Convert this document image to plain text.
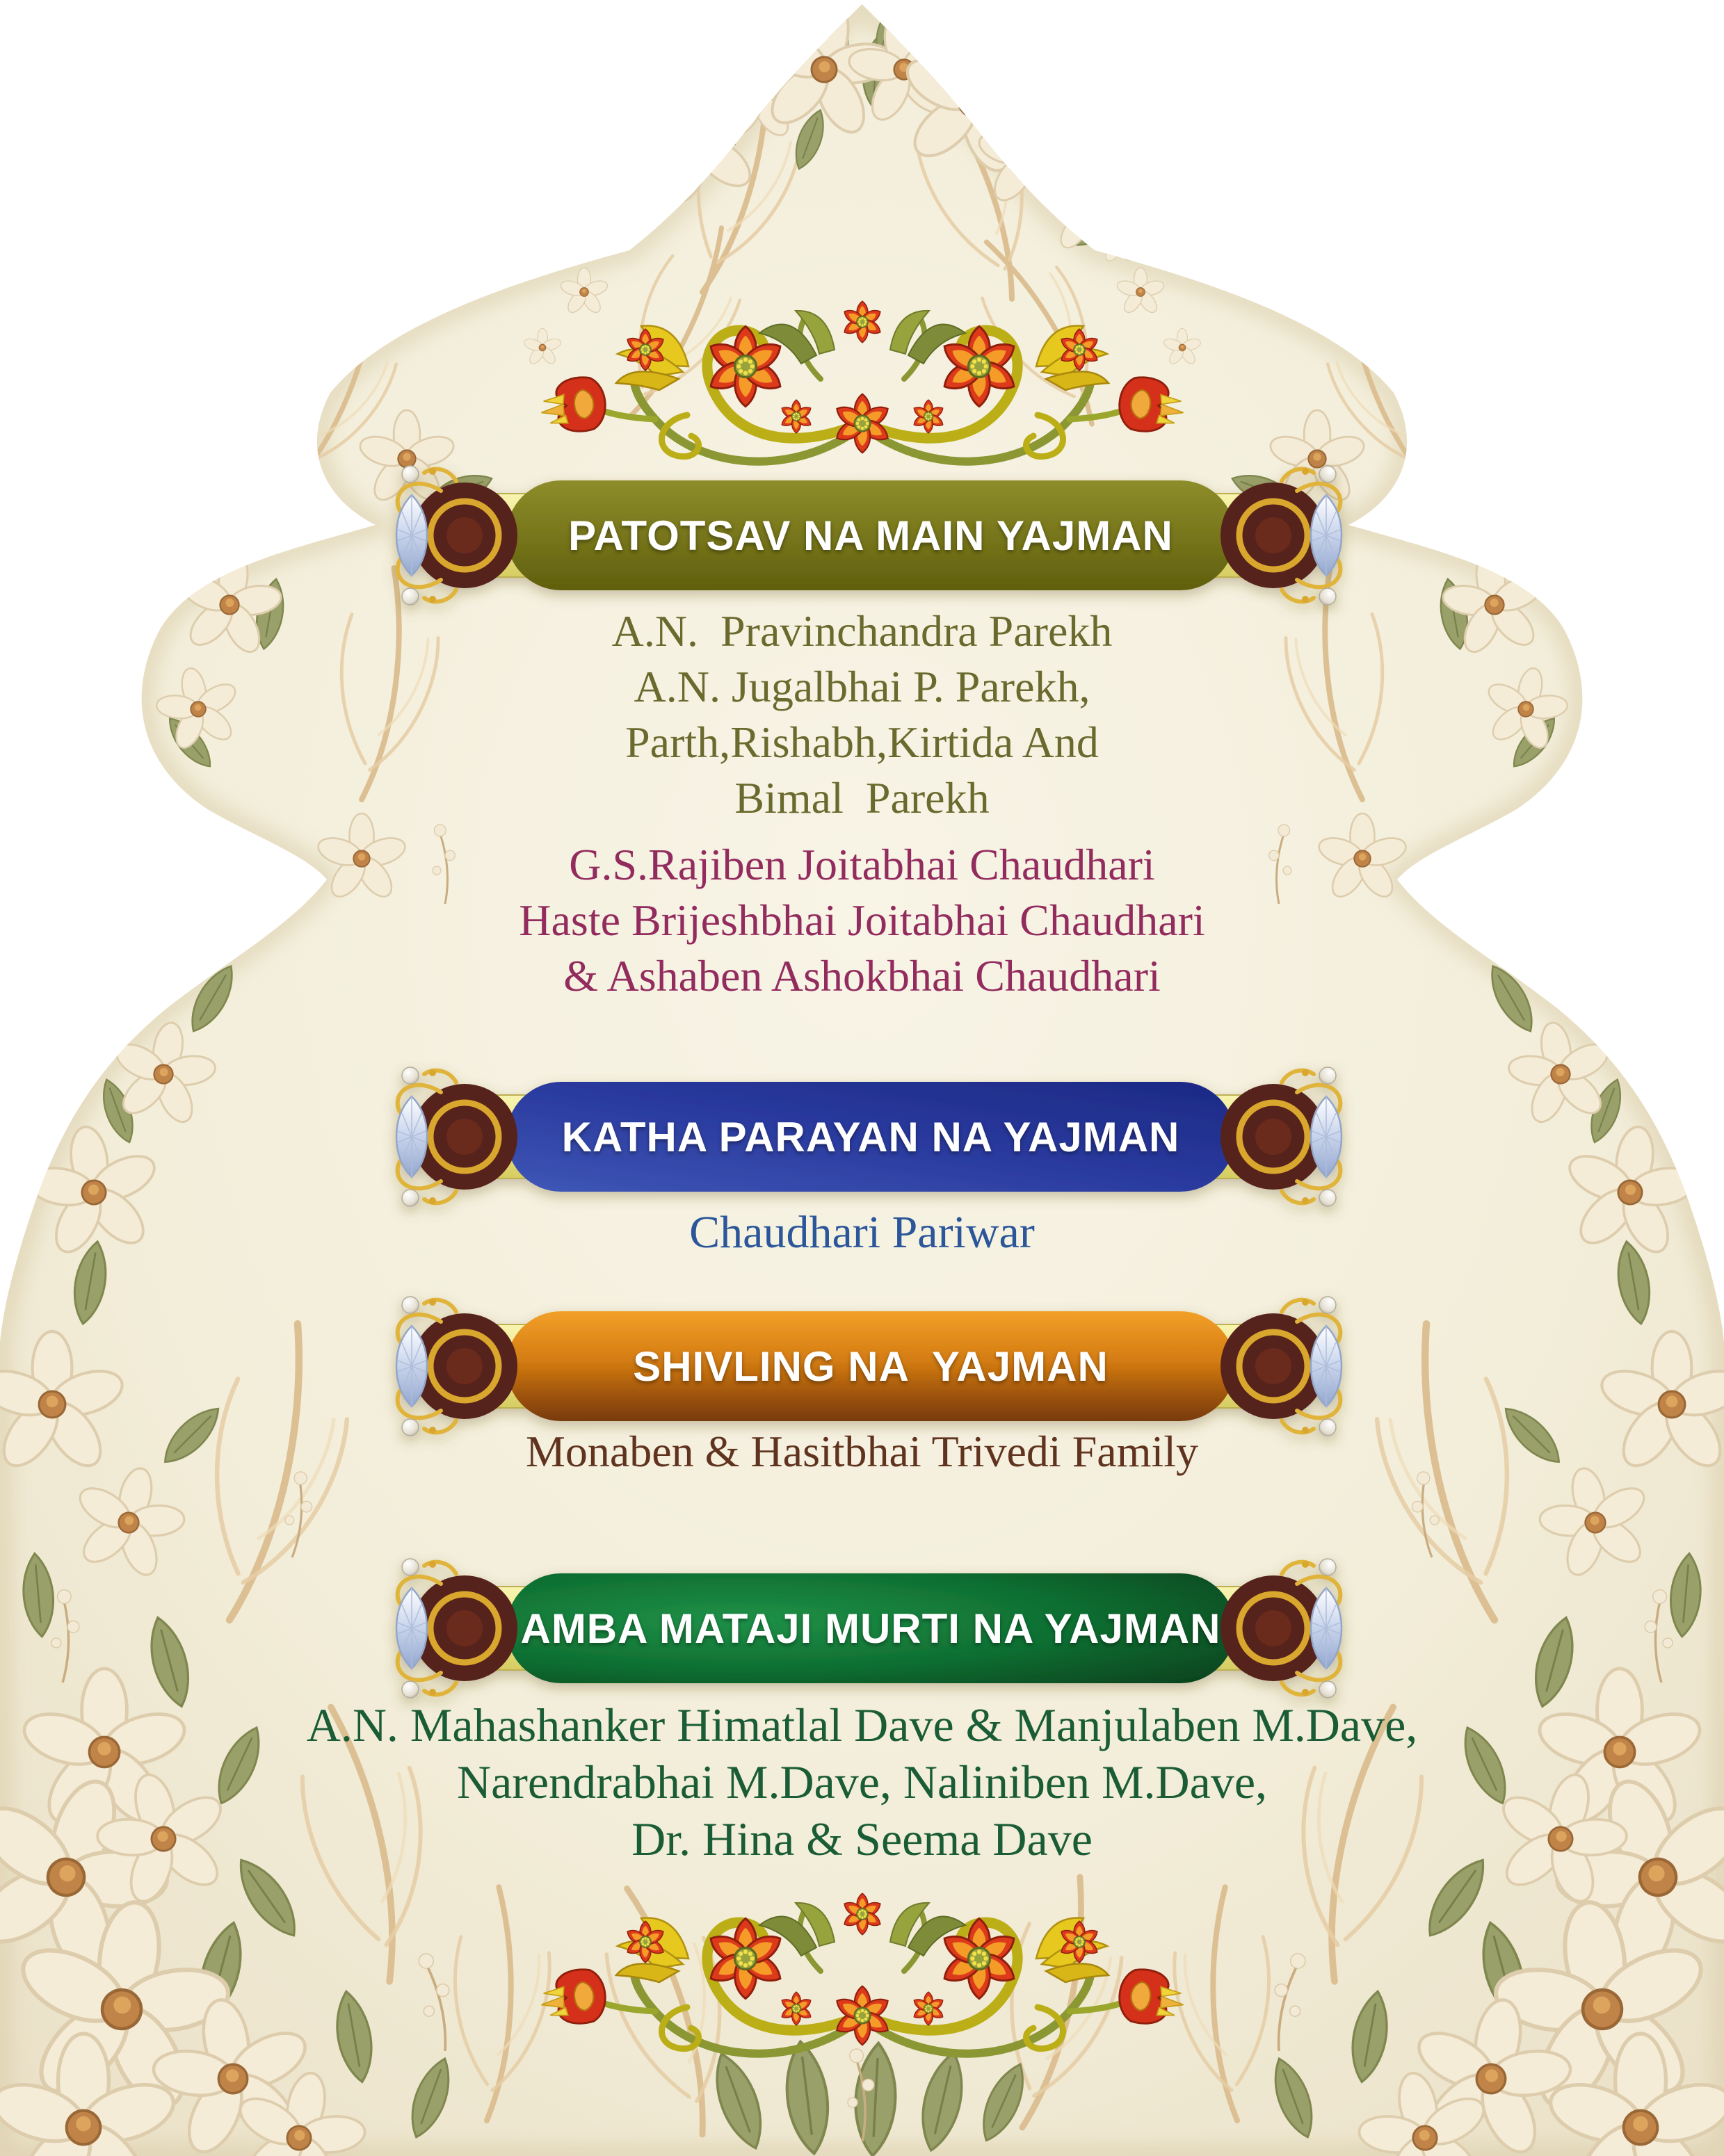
PATOTSAV NA MAIN YAJMAN
KATHA PARAYAN NA YAJMAN
SHIVLING NA  YAJMAN
AMBA MATAJI MURTI NA YAJMAN
A.N.  Pravinchandra Parekh
A.N. Jugalbhai P. Parekh,
Parth,Rishabh,Kirtida And
Bimal  Parekh
G.S.Rajiben Joitabhai Chaudhari
Haste Brijeshbhai Joitabhai Chaudhari
& Ashaben Ashokbhai Chaudhari
Chaudhari Pariwar
Monaben & Hasitbhai Trivedi Family
A.N. Mahashanker Himatlal Dave & Manjulaben M.Dave,
Narendrabhai M.Dave, Naliniben M.Dave,
Dr. Hina & Seema Dave
